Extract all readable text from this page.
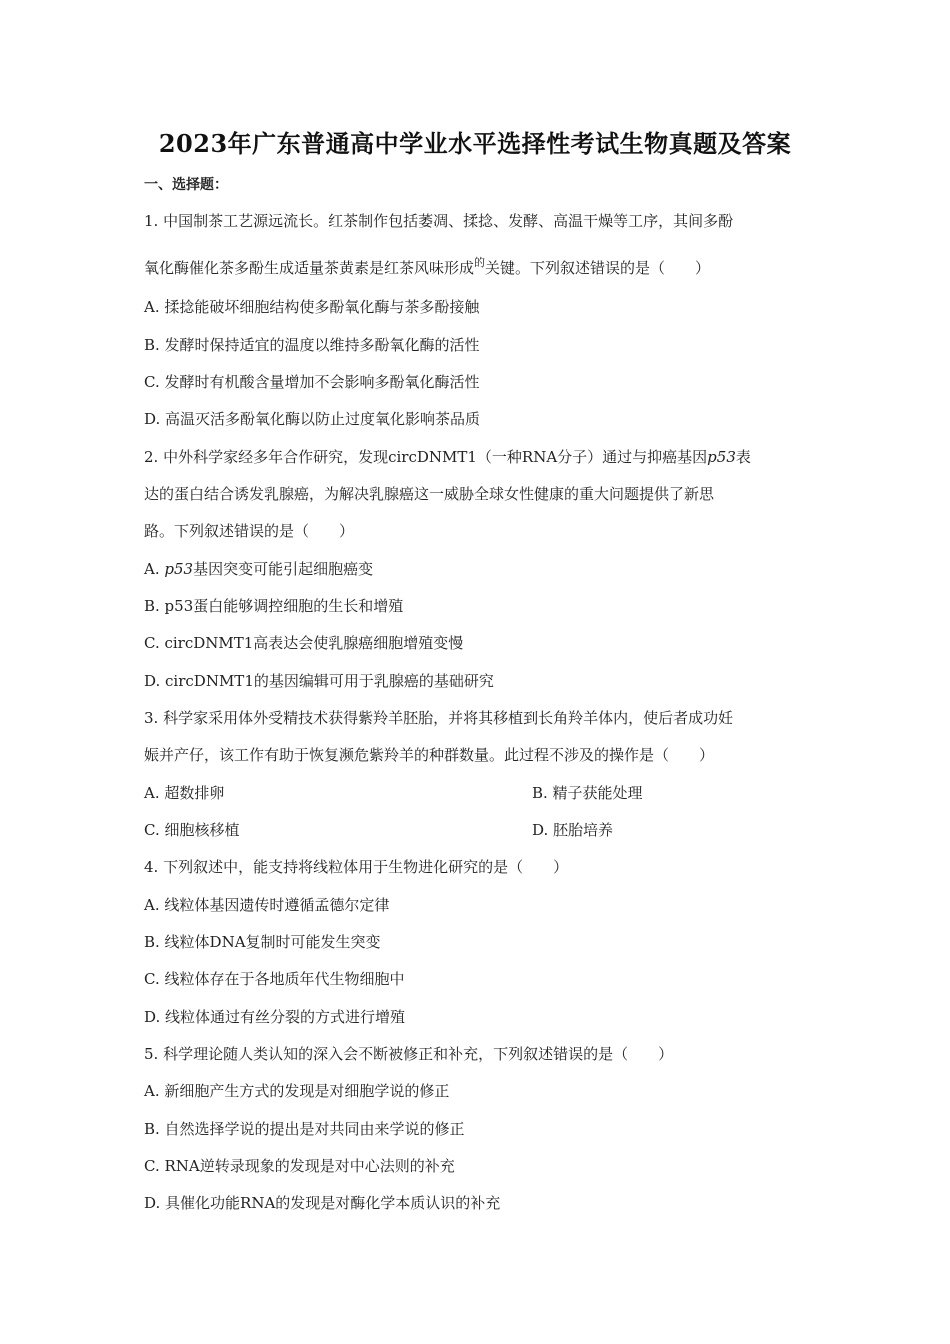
2023年广东普通高中学业水平选择性考试生物真题及答案
一、选择题：
1. 中国制茶工艺源远流长。红茶制作包括萎凋、揉捻、发酵、高温干燥等工序，其间多酚
氧化酶催化茶多酚生成适量茶黄素是红茶风味形成$^的$关键。下列叙述错误的是（　　）
A. 揉捻能破坏细胞结构使多酚氧化酶与茶多酚接触
B. 发酵时保持适宜的温度以维持多酚氧化酶的活性
C. 发酵时有机酸含量增加不会影响多酚氧化酶活性
D. 高温灭活多酚氧化酶以防止过度氧化影响茶品质
2. 中外科学家经多年合作研究，发现circDNMT1（一种RNA分子）通过与抑癌基因p53表
达的蛋白结合诱发乳腺癌，为解决乳腺癌这一威胁全球女性健康的重大问题提供了新思
路。下列叙述错误的是（　　）
A. p53基因突变可能引起细胞癌变
B. p53蛋白能够调控细胞的生长和增殖
C. circDNMT1高表达会使乳腺癌细胞增殖变慢
D. circDNMT1的基因编辑可用于乳腺癌的基础研究
3. 科学家采用体外受精技术获得紫羚羊胚胎，并将其移植到长角羚羊体内，使后者成功妊
娠并产仔，该工作有助于恢复濒危紫羚羊的种群数量。此过程不涉及的操作是（　　）
A. 超数排卵	B. 精子获能处理
C. 细胞核移植	D. 胚胎培养
4. 下列叙述中，能支持将线粒体用于生物进化研究的是（　　）
A. 线粒体基因遗传时遵循孟德尔定律
B. 线粒体DNA复制时可能发生突变
C. 线粒体存在于各地质年代生物细胞中
D. 线粒体通过有丝分裂的方式进行增殖
5. 科学理论随人类认知的深入会不断被修正和补充，下列叙述错误的是（　　）
A. 新细胞产生方式的发现是对细胞学说的修正
B. 自然选择学说的提出是对共同由来学说的修正
C. RNA逆转录现象的发现是对中心法则的补充
D. 具催化功能RNA的发现是对酶化学本质认识的补充
